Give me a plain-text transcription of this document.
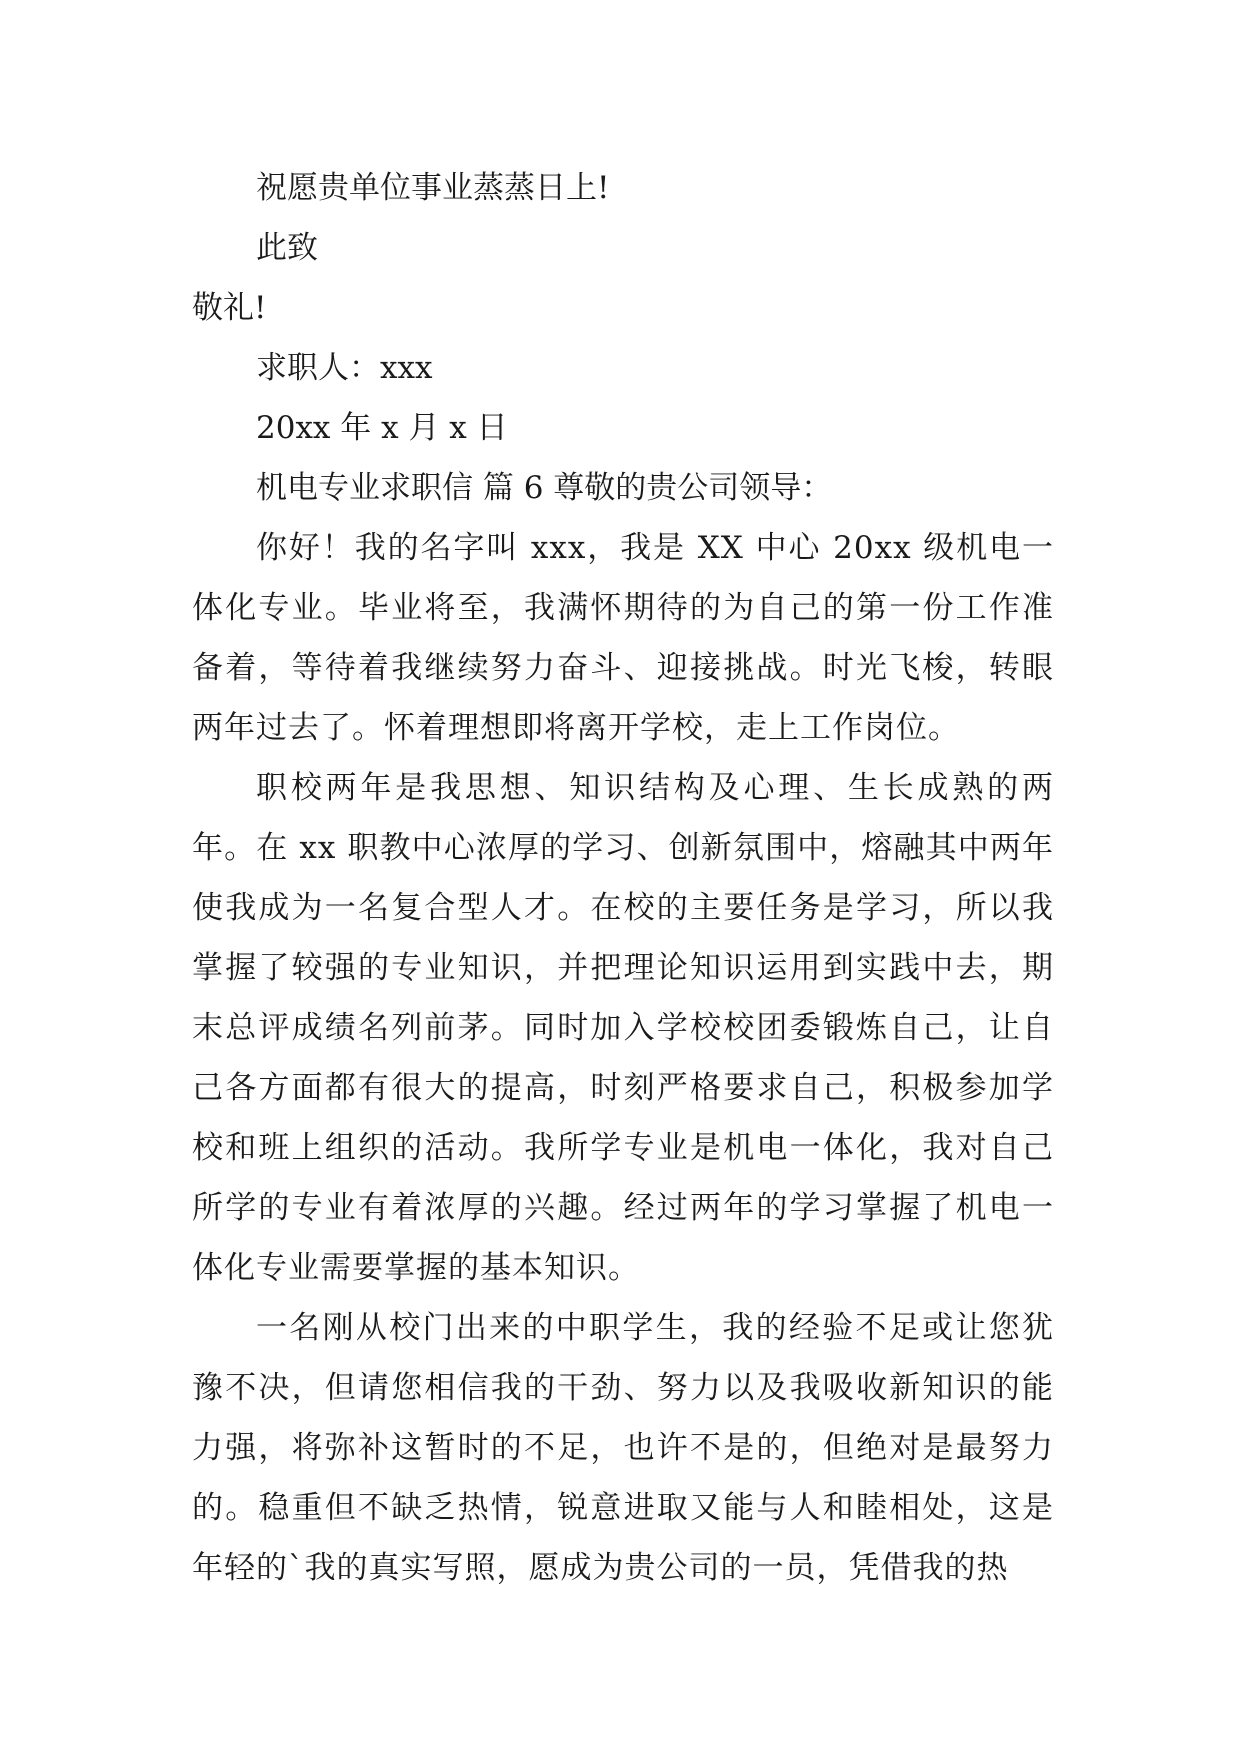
祝愿贵单位事业蒸蒸日上!

此致

敬礼!

求职人：xxx

20xx 年 x 月 x 日

机电专业求职信 篇 6 尊敬的贵公司领导：

你好！我的名字叫 xxx，我是 XX 中心 20xx 级机电一体化专业。毕业将至，我满怀期待的为自己的第一份工作准备着，等待着我继续努力奋斗、迎接挑战。时光飞梭，转眼两年过去了。怀着理想即将离开学校，走上工作岗位。

职校两年是我思想、知识结构及心理、生长成熟的两年。在 xx 职教中心浓厚的学习、创新氛围中，熔融其中两年使我成为一名复合型人才。在校的主要任务是学习，所以我掌握了较强的专业知识，并把理论知识运用到实践中去，期末总评成绩名列前茅。同时加入学校校团委锻炼自己，让自己各方面都有很大的提高，时刻严格要求自己，积极参加学校和班上组织的活动。我所学专业是机电一体化，我对自己所学的专业有着浓厚的兴趣。经过两年的学习掌握了机电一体化专业需要掌握的基本知识。

一名刚从校门出来的中职学生，我的经验不足或让您犹豫不决，但请您相信我的干劲、努力以及我吸收新知识的能力强，将弥补这暂时的不足，也许不是的，但绝对是最努力的。稳重但不缺乏热情，锐意进取又能与人和睦相处，这是年轻的`我的真实写照，愿成为贵公司的一员，凭借我的热
